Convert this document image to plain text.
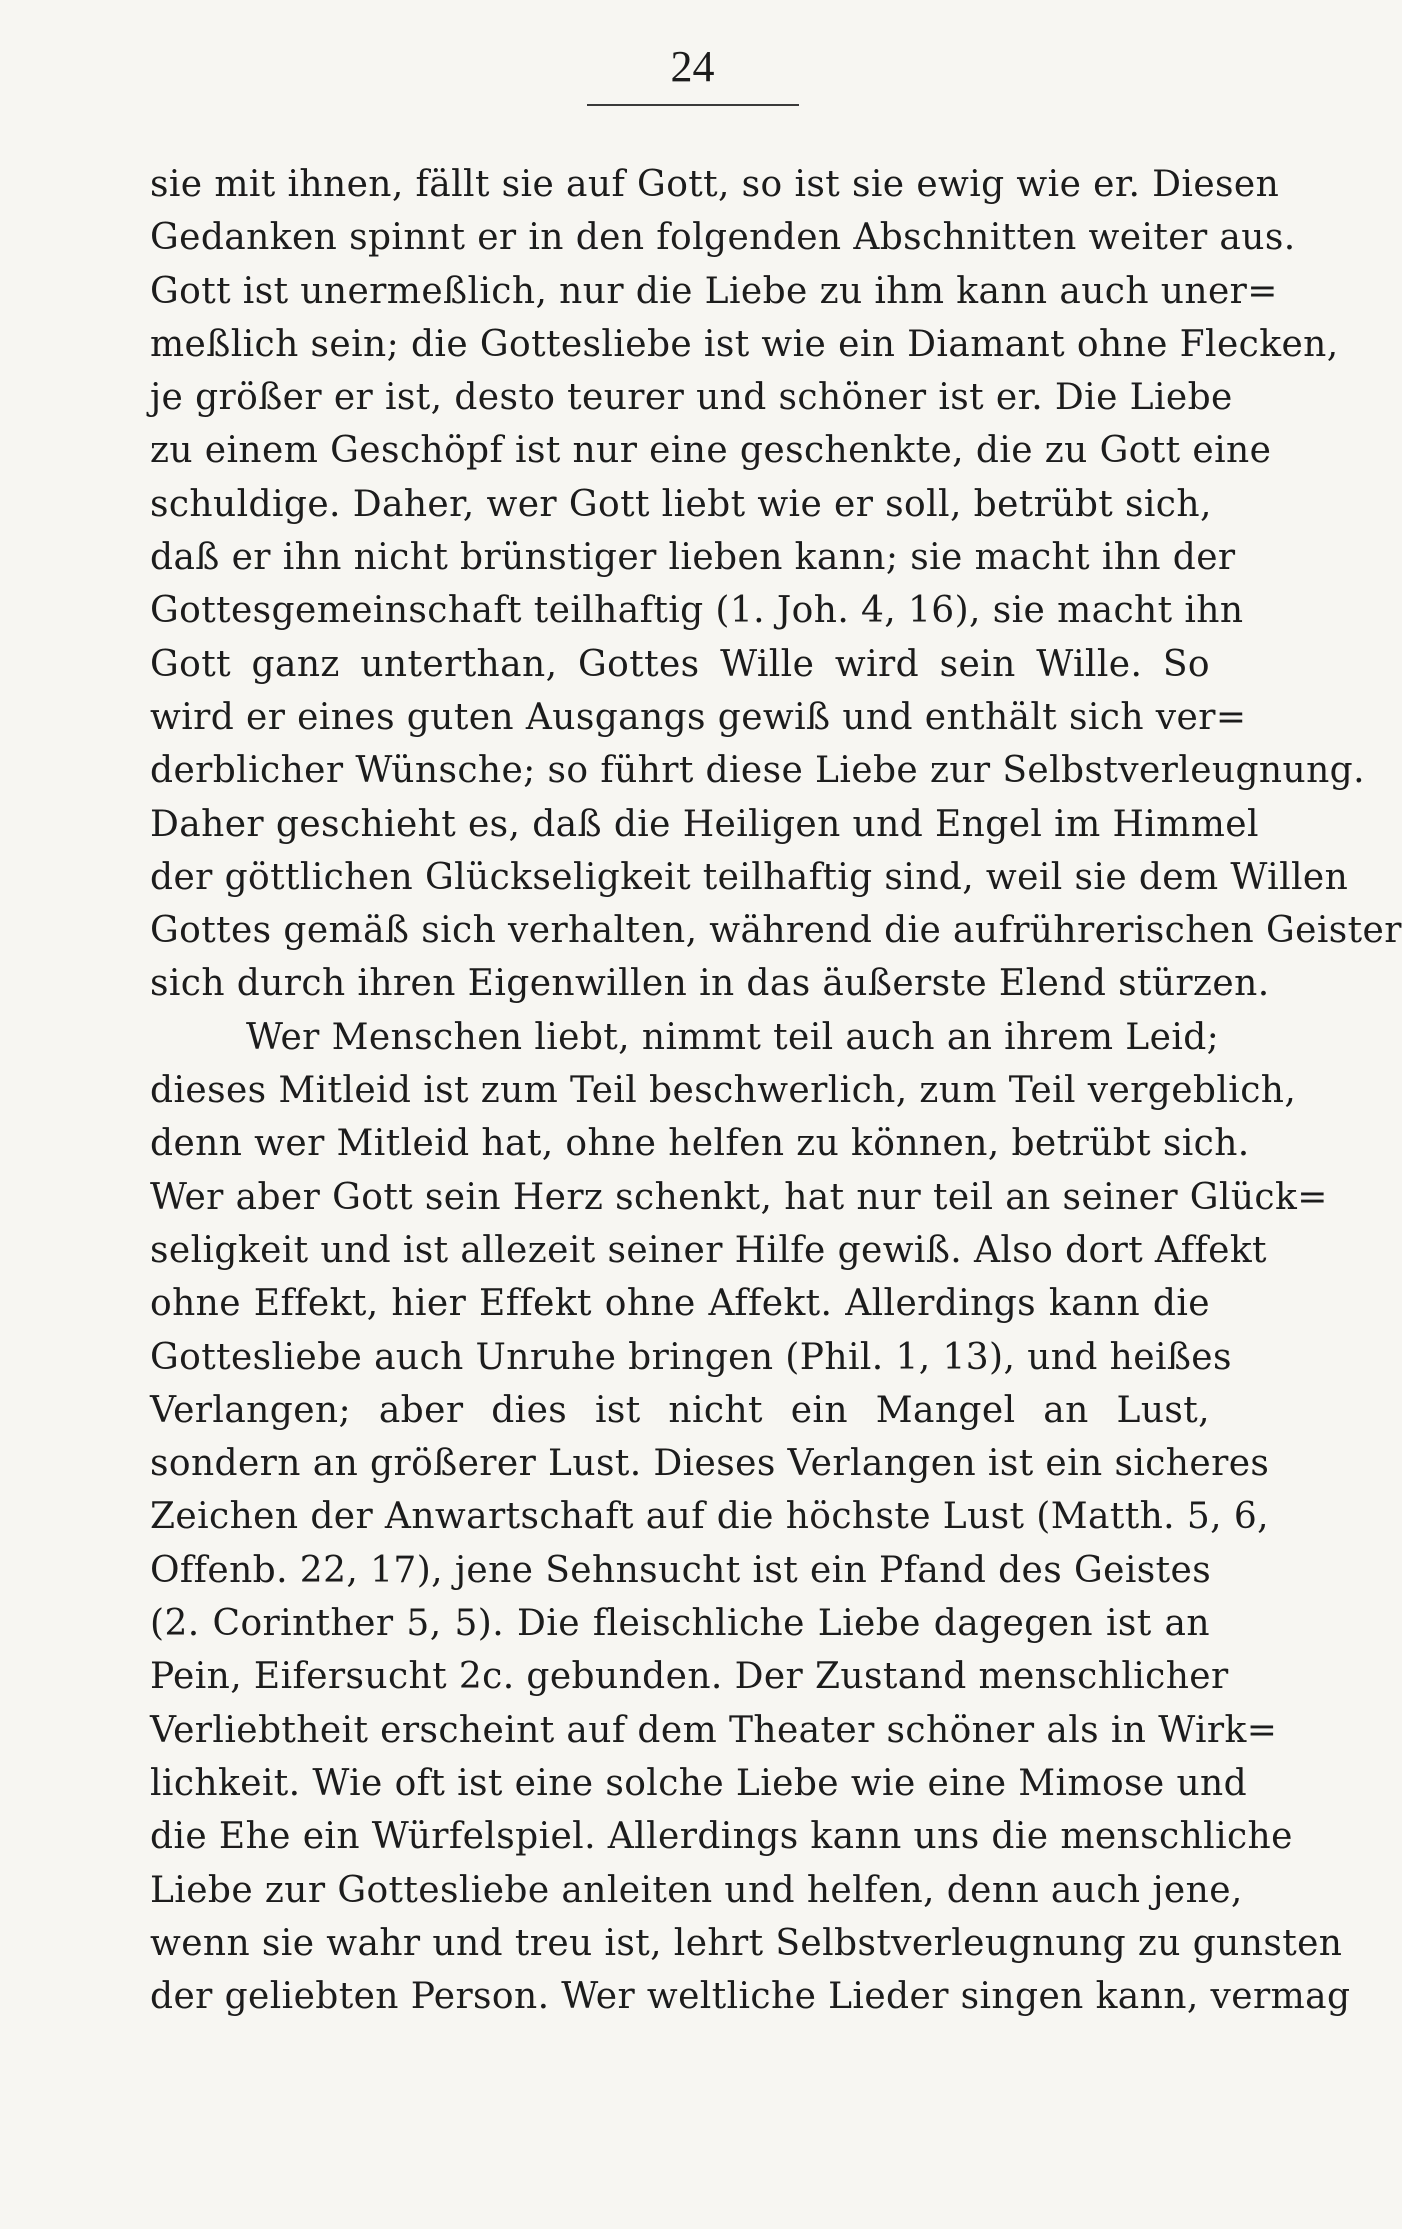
24
sie mit ihnen, fällt sie auf Gott, so ist sie ewig wie er. Diesen
Gedanken spinnt er in den folgenden Abschnitten weiter aus.
Gott ist unermeßlich, nur die Liebe zu ihm kann auch uner=
meßlich sein; die Gottesliebe ist wie ein Diamant ohne Flecken,
je größer er ist, desto teurer und schöner ist er. Die Liebe
zu einem Geschöpf ist nur eine geschenkte, die zu Gott eine
schuldige. Daher, wer Gott liebt wie er soll, betrübt sich,
daß er ihn nicht brünstiger lieben kann; sie macht ihn der
Gottesgemeinschaft teilhaftig (1. Joh. 4, 16), sie macht ihn
Gott ganz unterthan, Gottes Wille wird sein Wille. So
wird er eines guten Ausgangs gewiß und enthält sich ver=
derblicher Wünsche; so führt diese Liebe zur Selbstverleugnung.
Daher geschieht es, daß die Heiligen und Engel im Himmel
der göttlichen Glückseligkeit teilhaftig sind, weil sie dem Willen
Gottes gemäß sich verhalten, während die aufrührerischen Geister
sich durch ihren Eigenwillen in das äußerste Elend stürzen.
Wer Menschen liebt, nimmt teil auch an ihrem Leid;
dieses Mitleid ist zum Teil beschwerlich, zum Teil vergeblich,
denn wer Mitleid hat, ohne helfen zu können, betrübt sich.
Wer aber Gott sein Herz schenkt, hat nur teil an seiner Glück=
seligkeit und ist allezeit seiner Hilfe gewiß. Also dort Affekt
ohne Effekt, hier Effekt ohne Affekt. Allerdings kann die
Gottesliebe auch Unruhe bringen (Phil. 1, 13), und heißes
Verlangen; aber dies ist nicht ein Mangel an Lust,
sondern an größerer Lust. Dieses Verlangen ist ein sicheres
Zeichen der Anwartschaft auf die höchste Lust (Matth. 5, 6,
Offenb. 22, 17), jene Sehnsucht ist ein Pfand des Geistes
(2. Corinther 5, 5). Die fleischliche Liebe dagegen ist an
Pein, Eifersucht 2c. gebunden. Der Zustand menschlicher
Verliebtheit erscheint auf dem Theater schöner als in Wirk=
lichkeit. Wie oft ist eine solche Liebe wie eine Mimose und
die Ehe ein Würfelspiel. Allerdings kann uns die menschliche
Liebe zur Gottesliebe anleiten und helfen, denn auch jene,
wenn sie wahr und treu ist, lehrt Selbstverleugnung zu gunsten
der geliebten Person. Wer weltliche Lieder singen kann, vermag
